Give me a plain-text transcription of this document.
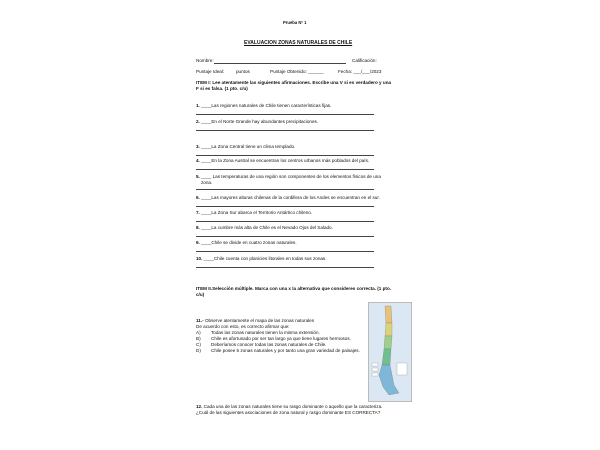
Prueba Nº 1
EVALUACION ZONAS NATURALES DE CHILE
Nombre:	Calificación:
Puntaje Ideal:	puntos	Puntaje Obtenido: ______	Fecha: ___/___/2023
ITEM I: Lee atentamente las siguientes afirmaciones. Escribe una V si es verdadero y una
F si es falsa. (1 pto. c/u)
1. ____Las regiones naturales de Chile tienen características fijas.
2. ____En el Norte Grande hay abundantes precipitaciones.
3. ____La Zona Central tiene un clima templado.
4. ____En la Zona Austral se encuentran los centros urbanos más poblados del país.
5. ____ Las temperaturas de una región son componentes de los elementos físicos de una
zona.
6. ____Las mayores alturas chilenas de la cordillera de los Andes se encuentran en el sur.
7. ____La Zona Sur abarca el Territorio Antártico chileno.
8. ____La cumbre más alta de Chile es el Nevado Ojos del Salado.
9. ____Chile se divide en cuatro zonas naturales.
10. ____Chile cuenta con planicies litorales en todas sus zonas.
ITEM II.Selección múltiple. Marca con una x la alternativa que consideres correcta. (1 pto.
c/u)
11.- Observe atentamente el mapa de las zonas naturales
De acuerdo con esto, es correcto afirmar que:
A) Todas las zonas naturales tienen la misma extensión.
B) Chile es afortunado por ser tan largo ya que tiene lugares hermosos.
C) Deberíamos conocer todas las zonas naturales de Chile.
D) Chile posee 5 zonas naturales y por tanto una gran variedad de paisajes.
12. Cada una de las zonas naturales tiene su rasgo dominante o aquello que la caracteriza.
¿Cuál de las siguientes asociaciones de zona natural y rasgo dominante ES CORRECTA?
